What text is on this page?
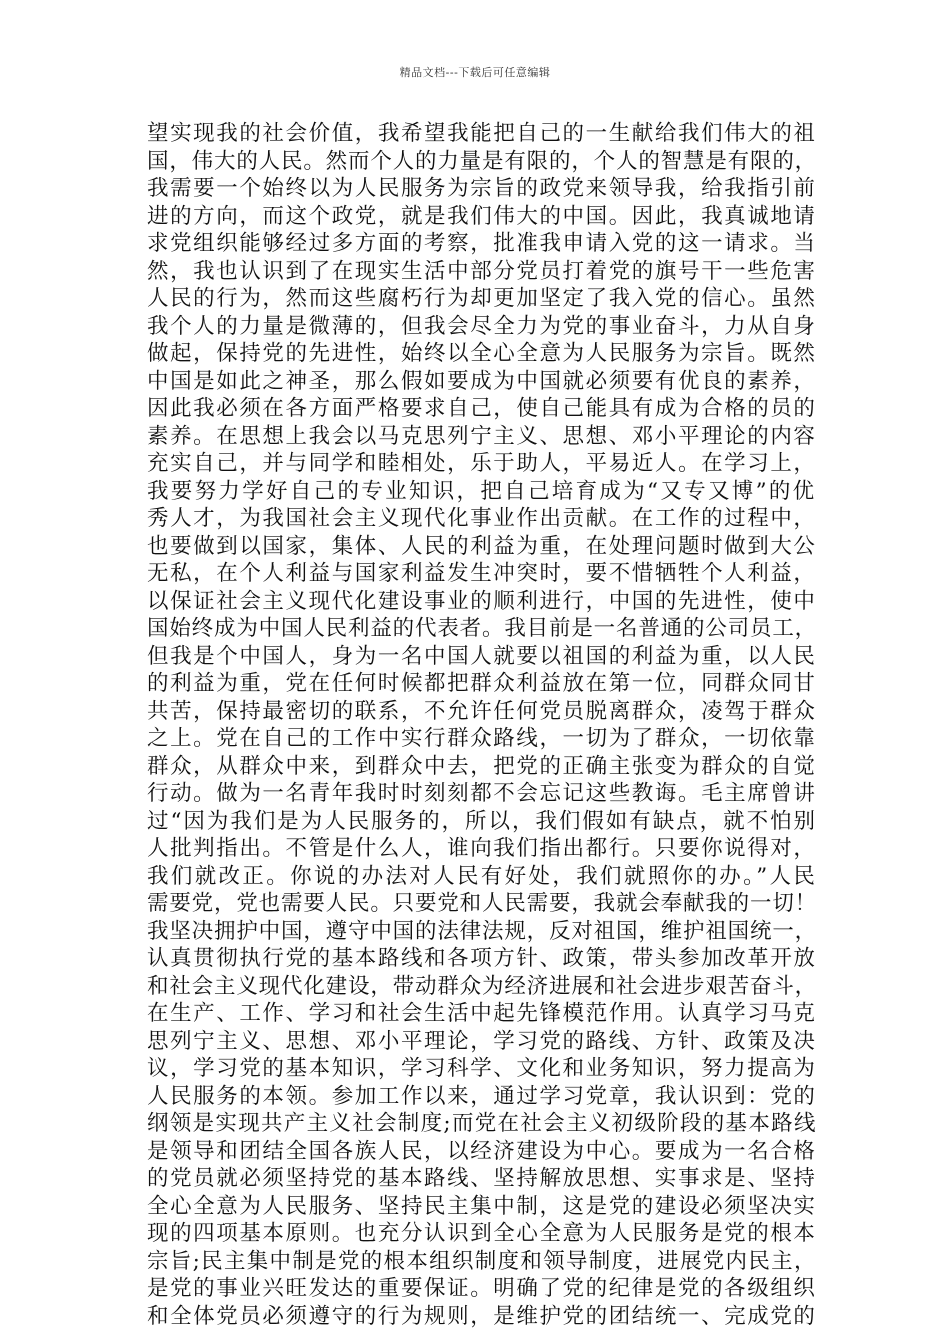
精品文档---下载后可任意编辑
望实现我的社会价值，我希望我能把自己的一生献给我们伟大的祖
国，伟大的人民。然而个人的力量是有限的，个人的智慧是有限的，
我需要一个始终以为人民服务为宗旨的政党来领导我，给我指引前
进的方向，而这个政党，就是我们伟大的中国。因此，我真诚地请
求党组织能够经过多方面的考察，批准我申请入党的这一请求。当
然，我也认识到了在现实生活中部分党员打着党的旗号干一些危害
人民的行为，然而这些腐朽行为却更加坚定了我入党的信心。虽然
我个人的力量是微薄的，但我会尽全力为党的事业奋斗，力从自身
做起，保持党的先进性，始终以全心全意为人民服务为宗旨。既然
中国是如此之神圣，那么假如要成为中国就必须要有优良的素养，
因此我必须在各方面严格要求自己，使自己能具有成为合格的员的
素养。在思想上我会以马克思列宁主义、思想、邓小平理论的内容
充实自己，并与同学和睦相处，乐于助人，平易近人。在学习上，
我要努力学好自己的专业知识，把自己培育成为“又专又博”的优
秀人才，为我国社会主义现代化事业作出贡献。在工作的过程中，
也要做到以国家，集体、人民的利益为重，在处理问题时做到大公
无私，在个人利益与国家利益发生冲突时，要不惜牺牲个人利益，
以保证社会主义现代化建设事业的顺利进行，中国的先进性，使中
国始终成为中国人民利益的代表者。我目前是一名普通的公司员工，
但我是个中国人，身为一名中国人就要以祖国的利益为重，以人民
的利益为重，党在任何时候都把群众利益放在第一位，同群众同甘
共苦，保持最密切的联系，不允许任何党员脱离群众，凌驾于群众
之上。党在自己的工作中实行群众路线，一切为了群众，一切依靠
群众，从群众中来，到群众中去，把党的正确主张变为群众的自觉
行动。做为一名青年我时时刻刻都不会忘记这些教诲。毛主席曾讲
过“因为我们是为人民服务的，所以，我们假如有缺点，就不怕别
人批判指出。不管是什么人，谁向我们指出都行。只要你说得对，
我们就改正。你说的办法对人民有好处，我们就照你的办。”人民
需要党，党也需要人民。只要党和人民需要，我就会奉献我的一切！
我坚决拥护中国，遵守中国的法律法规，反对祖国，维护祖国统一，
认真贯彻执行党的基本路线和各项方针、政策，带头参加改革开放
和社会主义现代化建设，带动群众为经济进展和社会进步艰苦奋斗，
在生产、工作、学习和社会生活中起先锋模范作用。认真学习马克
思列宁主义、思想、邓小平理论，学习党的路线、方针、政策及决
议，学习党的基本知识，学习科学、文化和业务知识，努力提高为
人民服务的本领。参加工作以来，通过学习党章，我认识到：党的
纲领是实现共产主义社会制度;而党在社会主义初级阶段的基本路线
是领导和团结全国各族人民，以经济建设为中心。要成为一名合格
的党员就必须坚持党的基本路线、坚持解放思想、实事求是、坚持
全心全意为人民服务、坚持民主集中制，这是党的建设必须坚决实
现的四项基本原则。也充分认识到全心全意为人民服务是党的根本
宗旨;民主集中制是党的根本组织制度和领导制度，进展党内民主，
是党的事业兴旺发达的重要保证。明确了党的纪律是党的各级组织
和全体党员必须遵守的行为规则，是维护党的团结统一、完成党的
